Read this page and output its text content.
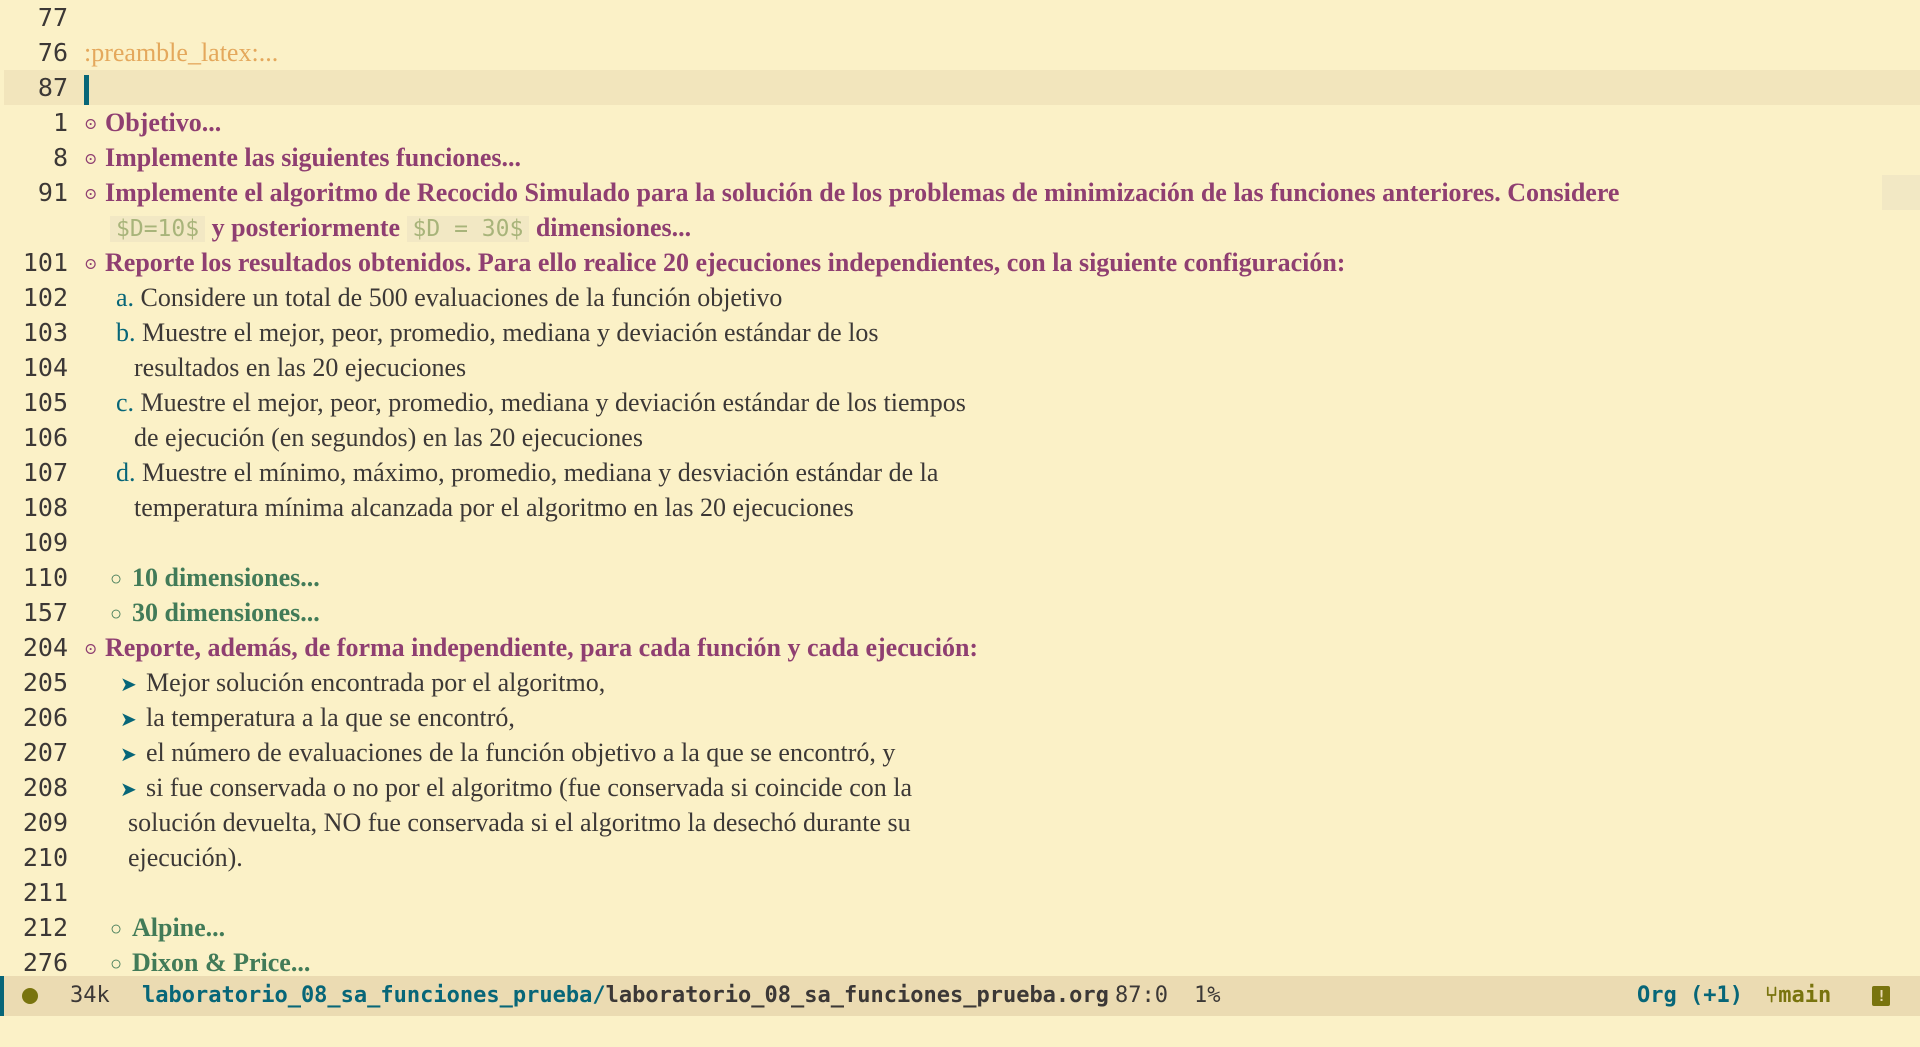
77
76 :preamble_latex:...
87
1 ⊙ Objetivo...
8 ⊙ Implemente las siguientes funciones...
91 ⊙ Implemente el algoritmo de Recocido Simulado para la solución de los problemas de minimización de las funciones anteriores. Considere
$D=10$ y posteriormente $D = 30$ dimensiones...
101 ⊙ Reporte los resultados obtenidos. Para ello realice 20 ejecuciones independientes, con la siguiente configuración:
102 a. Considere un total de 500 evaluaciones de la función objetivo
103 b. Muestre el mejor, peor, promedio, mediana y deviación estándar de los
104	resultados en las 20 ejecuciones
105 c. Muestre el mejor, peor, promedio, mediana y deviación estándar de los tiempos
106	de ejecución (en segundos) en las 20 ejecuciones
107 d. Muestre el mínimo, máximo, promedio, mediana y desviación estándar de la
108	temperatura mínima alcanzada por el algoritmo en las 20 ejecuciones
109
110 ○ 10 dimensiones...
157 ○ 30 dimensiones...
204 ⊙ Reporte, además, de forma independiente, para cada función y cada ejecución:
205	➤ Mejor solución encontrada por el algoritmo,
206	➤ la temperatura a la que se encontró,
207	➤ el número de evaluaciones de la función objetivo a la que se encontró, y
208	➤ si fue conservada o no por el algoritmo (fue conservada si coincide con la
209 solución devuelta, NO fue conservada si el algoritmo la desechó durante su
210 ejecución).
211
212 ○ Alpine...
276 ○ Dixon & Price...
34k laboratorio_08_sa_funciones_prueba/laboratorio_08_sa_funciones_prueba.org 87:0 1%	Org (+1) ⑂main
!
